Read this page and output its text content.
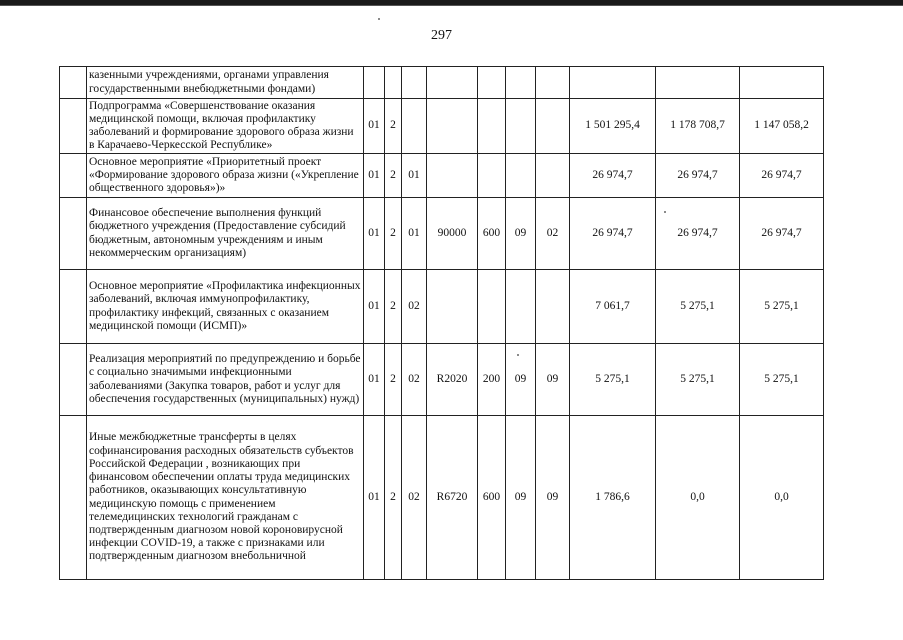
297
	казенными учреждениями, органами управления государственными внебюджетными фондами)										
	Подпрограмма «Совершенствование оказания медицинской помощи, включая профилактику заболеваний и формирование здорового образа жизни в Карачаево-Черкесской Республике»	01	2						1 501 295,4	1 178 708,7	1 147 058,2
	Основное мероприятие «Приоритетный проект «Формирование здорового образа жизни («Укрепление общественного здоровья»)»	01	2	01					26 974,7	26 974,7	26 974,7
	Финансовое обеспечение выполнения функций бюджетного учреждения (Предоставление субсидий бюджетным, автономным учреждениям и иным некоммерческим организациям)	01	2	01	90000	600	09	02	26 974,7	26 974,7	26 974,7
	Основное мероприятие «Профилактика инфекционных заболеваний, включая иммунопрофилактику, профилактику инфекций, связанных с оказанием медицинской помощи (ИСМП)»	01	2	02					7 061,7	5 275,1	5 275,1
	Реализация мероприятий по предупреждению и борьбе с социально значимыми инфекционными заболеваниями (Закупка товаров, работ и услуг для обеспечения государственных (муниципальных) нужд)	01	2	02	R2020	200	09	09	5 275,1	5 275,1	5 275,1
	Иные межбюджетные трансферты в целях софинансирования расходных обязательств субъектов Российской Федерации , возникающих при финансовом обеспечении оплаты труда медицинских работников, оказывающих консультативную медицинскую помощь с применением телемедицинских технологий гражданам с подтвержденным диагнозом новой короновирусной инфекции COVID-19, а также с признаками или подтвержденным диагнозом внебольничной	01	2	02	R6720	600	09	09	1 786,6	0,0	0,0
